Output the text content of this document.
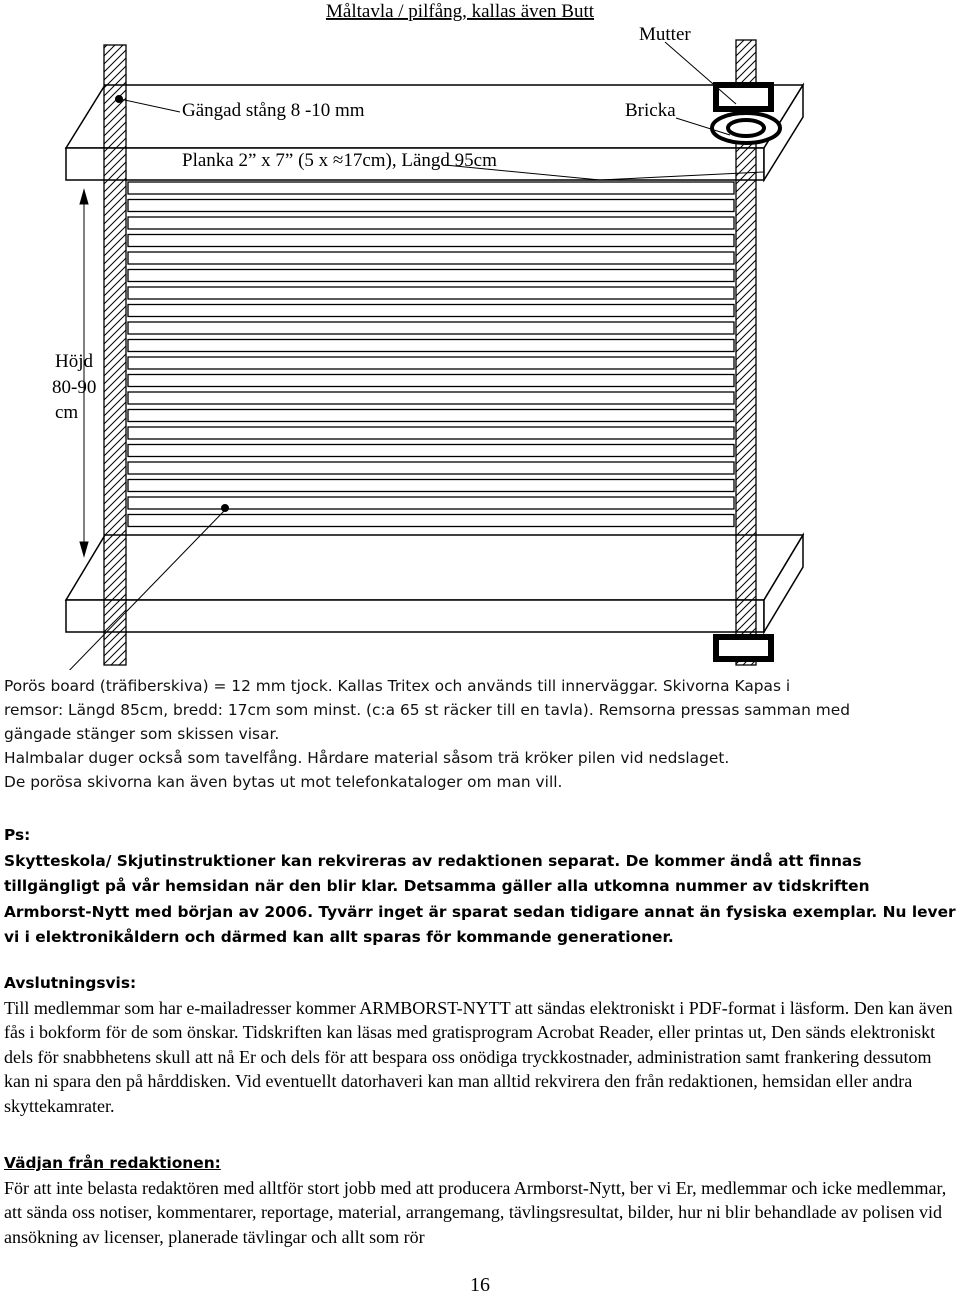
Måltavla / pilfång, kallas även Butt
Mutter
Gängad stång 8 -10 mm	Bricka
Planka 2” x 7” (5 x ≈17cm), Längd 95cm
Höjd
80-90
cm
Porös board (träfiberskiva) = 12 mm tjock. Kallas Tritex och används till innerväggar. Skivorna Kapas i
remsor: Längd 85cm, bredd: 17cm som minst. (c:a 65 st räcker till en tavla). Remsorna pressas samman med
gängade stänger som skissen visar.
Halmbalar duger också som tavelfång. Hårdare material såsom trä kröker pilen vid nedslaget.
De porösa skivorna kan även bytas ut mot telefonkataloger om man vill.
Ps:
Skytteskola/ Skjutinstruktioner kan rekvireras av redaktionen separat. De kommer ändå att finnas tillgängligt på vår hemsidan när den blir klar. Detsamma gäller alla utkomna nummer av tidskriften Armborst-Nytt med början av 2006. Tyvärr inget är sparat sedan tidigare annat än fysiska exemplar. Nu lever vi i elektronikåldern och därmed kan allt sparas för kommande generationer.
Avslutningsvis:
Till medlemmar som har e-mailadresser kommer ARMBORST-NYTT att sändas elektroniskt i PDF-format i läsform. Den kan även fås i bokform för de som önskar. Tidskriften kan läsas med gratisprogram Acrobat Reader, eller printas ut, Den sänds elektroniskt dels för snabbhetens skull att nå Er och dels för att bespara oss onödiga tryckkostnader, administration samt frankering dessutom kan ni spara den på hårddisken. Vid eventuellt datorhaveri kan man alltid rekvirera den från redaktionen, hemsidan eller andra skyttekamrater.
Vädjan från redaktionen:
För att inte belasta redaktören med alltför stort jobb med att producera Armborst-Nytt, ber vi Er, medlemmar och icke medlemmar, att sända oss notiser, kommentarer, reportage, material, arrangemang, tävlingsresultat, bilder, hur ni blir behandlade av polisen vid ansökning av licenser, planerade tävlingar och allt som rör
16
